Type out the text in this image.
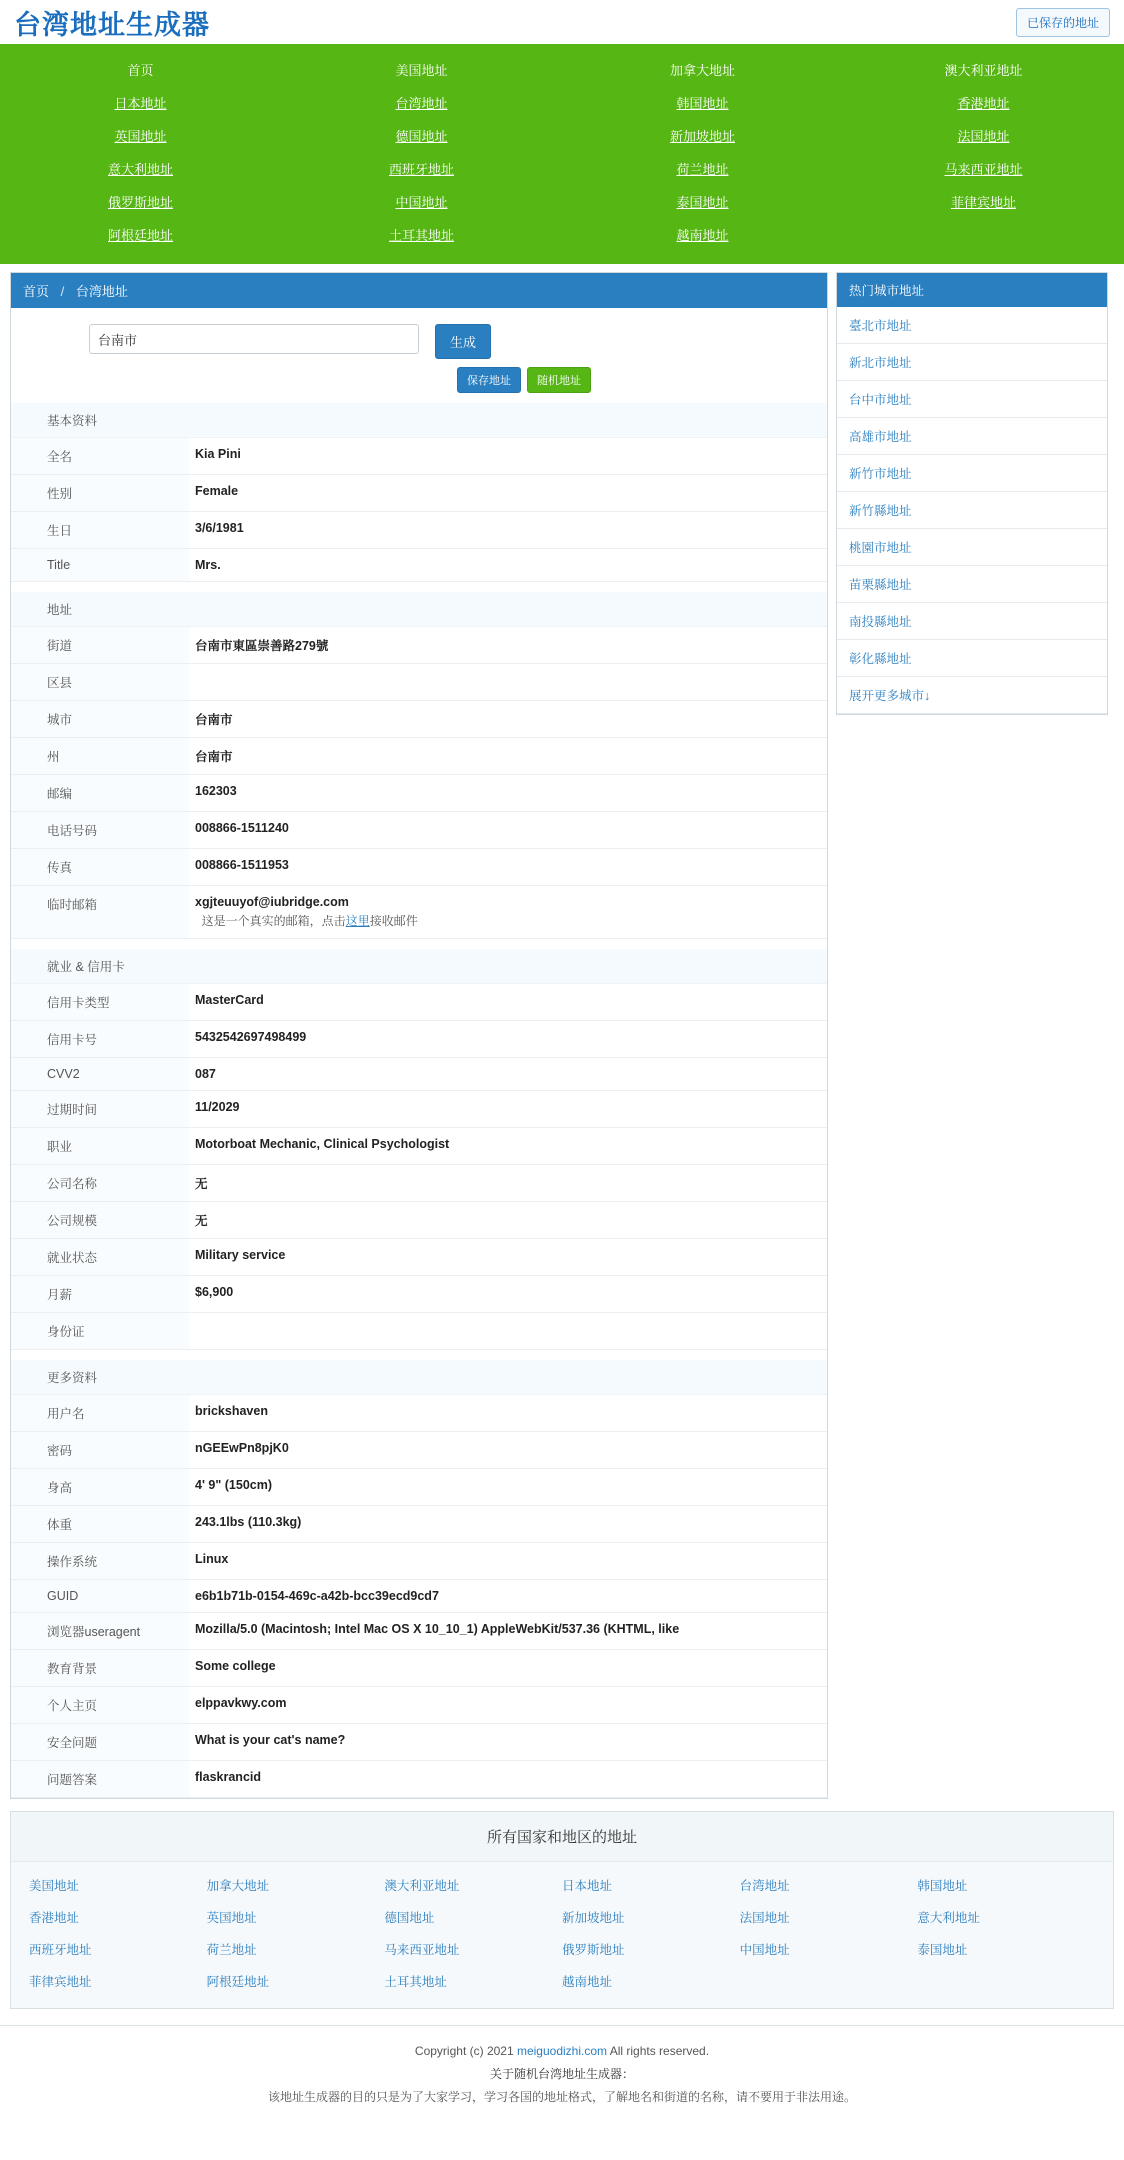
台湾地址生成器	已保存的地址
首页	美国地址	加拿大地址	澳大利亚地址
日本地址	台湾地址	韩国地址	香港地址
英国地址	德国地址	新加坡地址	法国地址
意大利地址	西班牙地址	荷兰地址	马来西亚地址
俄罗斯地址	中国地址	泰国地址	菲律宾地址
阿根廷地址	土耳其地址	越南地址
首页 / 台湾地址
台南市
生成
保存地址	随机地址
基本资料
全名	Kia Pini
性别	Female
生日	3/6/1981
Title	Mrs.
地址
街道	台南市東區崇善路279號
区县	
城市	台南市
州	台南市
邮编	162303
电话号码	008866-1511240
传真	008866-1511953
临时邮箱	xgjteuuyof@iubridge.com
这是一个真实的邮箱，点击这里接收邮件
就业 & 信用卡
信用卡类型	MasterCard
信用卡号	5432542697498499
CVV2	087
过期时间	11/2029
职业	Motorboat Mechanic, Clinical Psychologist
公司名称	无
公司规模	无
就业状态	Military service
月薪	$6,900
身份证	
更多资料
用户名	brickshaven
密码	nGEEwPn8pjK0
身高	4' 9" (150cm)
体重	243.1lbs (110.3kg)
操作系统	Linux
GUID	e6b1b71b-0154-469c-a42b-bcc39ecd9cd7
浏览器useragent	Mozilla/5.0 (Macintosh; Intel Mac OS X 10_10_1) AppleWebKit/537.36 (KHTML, like
教育背景	Some college
个人主页	elppavkwy.com
安全问题	What is your cat's name?
问题答案	flaskrancid
热门城市地址
臺北市地址
新北市地址
台中市地址
高雄市地址
新竹市地址
新竹縣地址
桃園市地址
苗栗縣地址
南投縣地址
彰化縣地址
展开更多城市↓
所有国家和地区的地址
美国地址	加拿大地址	澳大利亚地址	日本地址	台湾地址	韩国地址
香港地址	英国地址	德国地址	新加坡地址	法国地址	意大利地址
西班牙地址	荷兰地址	马来西亚地址	俄罗斯地址	中国地址	泰国地址
菲律宾地址	阿根廷地址	土耳其地址	越南地址
Copyright (c) 2021 meiguodizhi.com All rights reserved.
关于随机台湾地址生成器：
该地址生成器的目的只是为了大家学习，学习各国的地址格式，了解地名和街道的名称，请不要用于非法用途。
